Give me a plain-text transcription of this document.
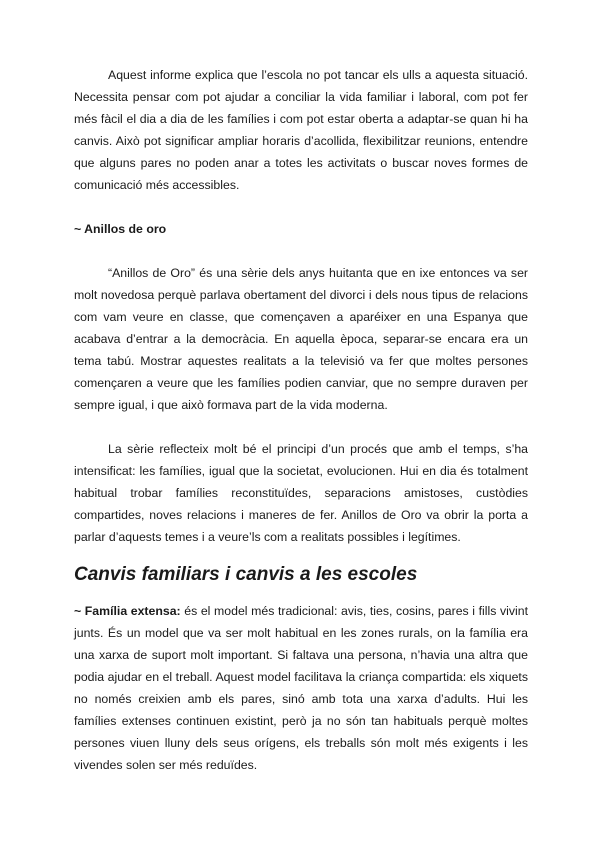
Aquest informe explica que l’escola no pot tancar els ulls a aquesta situació. Necessita pensar com pot ajudar a conciliar la vida familiar i laboral, com pot fer més fàcil el dia a dia de les famílies i com pot estar oberta a adaptar-se quan hi ha canvis. Això pot significar ampliar horaris d’acollida, flexibilitzar reunions, entendre que alguns pares no poden anar a totes les activitats o buscar noves formes de comunicació més accessibles.

~ Anillos de oro

“Anillos de Oro” és una sèrie dels anys huitanta que en ixe entonces va ser molt novedosa perquè parlava obertament del divorci i dels nous tipus de relacions com vam veure en classe, que començaven a aparéixer en una Espanya que acabava d’entrar a la democràcia. En aquella època, separar-se encara era un tema tabú. Mostrar aquestes realitats a la televisió va fer que moltes persones començaren a veure que les famílies podien canviar, que no sempre duraven per sempre igual, i que això formava part de la vida moderna.

La sèrie reflecteix molt bé el principi d’un procés que amb el temps, s’ha intensificat: les famílies, igual que la societat, evolucionen. Hui en dia és totalment habitual trobar famílies reconstituïdes, separacions amistoses, custòdies compartides, noves relacions i maneres de fer. Anillos de Oro va obrir la porta a parlar d’aquests temes i a veure’ls com a realitats possibles i legítimes.

Canvis familiars i canvis a les escoles

~ Família extensa: és el model més tradicional: avis, ties, cosins, pares i fills vivint junts. És un model que va ser molt habitual en les zones rurals, on la família era una xarxa de suport molt important. Si faltava una persona, n’havia una altra que podia ajudar en el treball. Aquest model facilitava la criança compartida: els xiquets no només creixien amb els pares, sinó amb tota una xarxa d’adults. Hui les famílies extenses continuen existint, però ja no són tan habituals perquè moltes persones viuen lluny dels seus orígens, els treballs són molt més exigents i les vivendes solen ser més reduïdes.
